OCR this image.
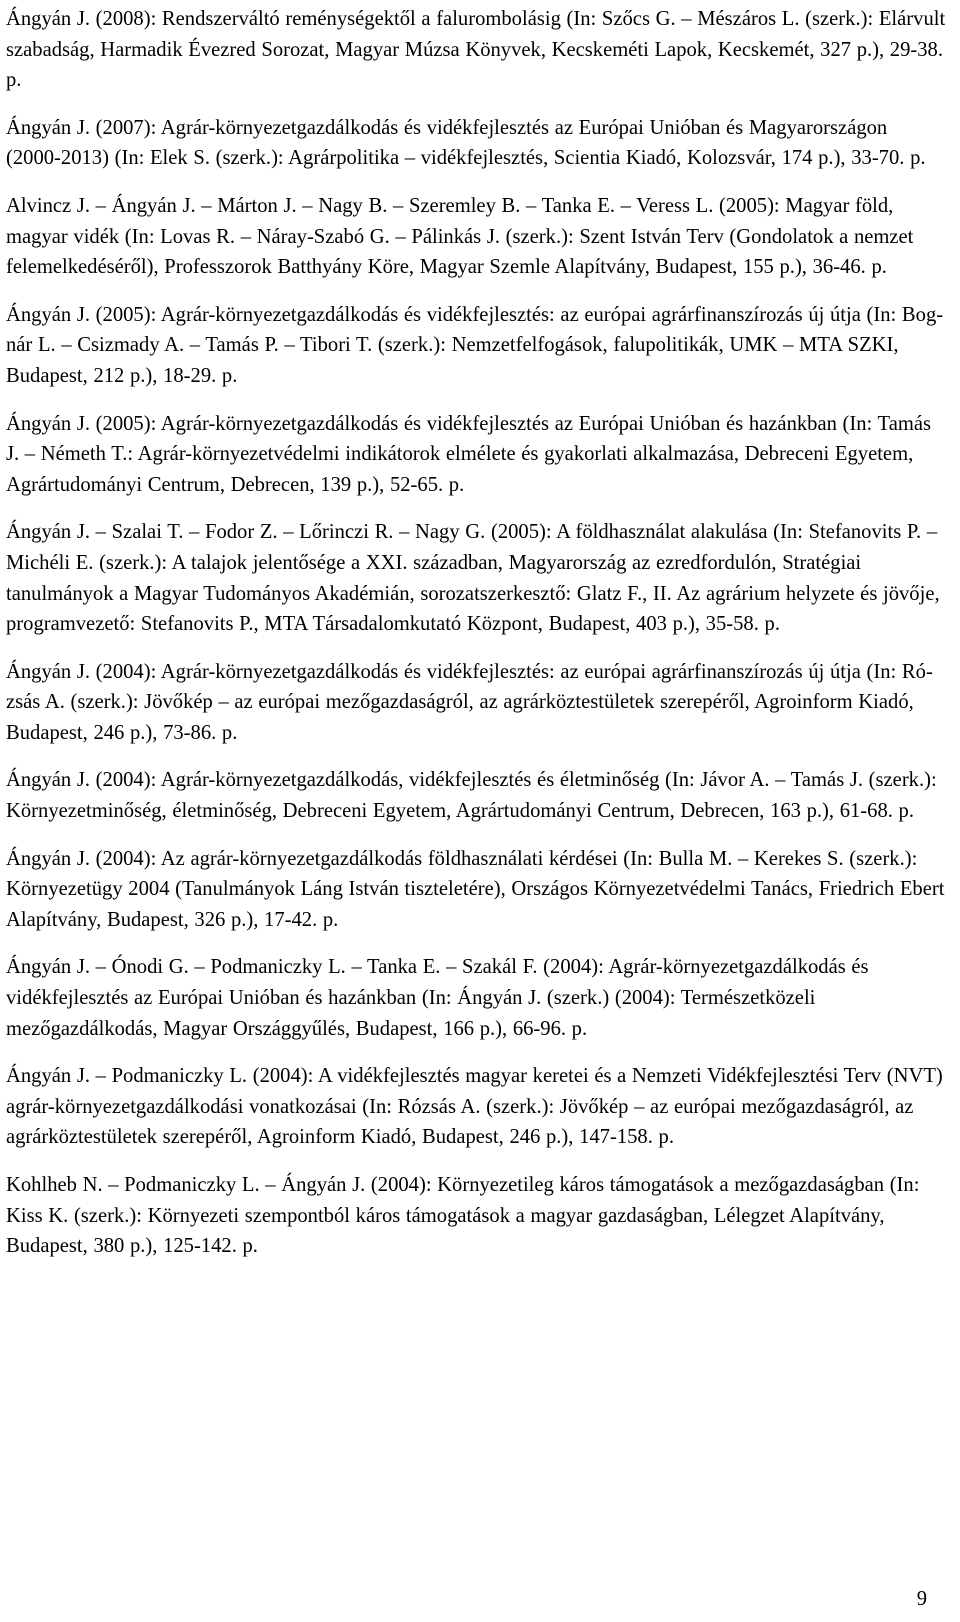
Ángyán J. (2008): Rendszerváltó reménységektől a falurombolásig (In: Szőcs G. – Mészáros L. (szerk.): Elárvult szabadság, Harmadik Évezred Sorozat, Magyar Múzsa Könyvek, Kecskeméti Lapok, Kecskemét, 327 p.), 29-38. p.
Ángyán J. (2007): Agrár-környezetgazdálkodás és vidékfejlesztés az Európai Unióban és Magyarországon (2000-2013) (In: Elek S. (szerk.): Agrárpolitika – vidékfejlesztés, Scientia Kiadó, Kolozsvár, 174 p.), 33-70. p.
Alvincz J. – Ángyán J. – Márton J. – Nagy B. – Szeremley B. – Tanka E. – Veress L. (2005): Magyar föld, magyar vidék (In: Lovas R. – Náray-Szabó G. – Pálinkás J. (szerk.): Szent István Terv (Gondolatok a nemzet felemelkedéséről), Professzorok Batthyány Köre, Magyar Szemle Alapítvány, Budapest, 155 p.), 36-46. p.
Ángyán J. (2005): Agrár-környezetgazdálkodás és vidékfejlesztés: az európai agrárfinanszírozás új útja (In: Bog-nár L. – Csizmady A. – Tamás P. – Tibori T. (szerk.): Nemzetfelfogások, falupolitikák, UMK – MTA SZKI, Budapest, 212 p.), 18-29. p.
Ángyán J. (2005): Agrár-környezetgazdálkodás és vidékfejlesztés az Európai Unióban és hazánkban (In: Tamás J. – Németh T.: Agrár-környezetvédelmi indikátorok elmélete és gyakorlati alkalmazása, Debreceni Egyetem, Agrártudományi Centrum, Debrecen, 139 p.), 52-65. p.
Ángyán J. – Szalai T. – Fodor Z. – Lőrinczi R. – Nagy G. (2005): A földhasználat alakulása (In: Stefanovits P. – Michéli E. (szerk.): A talajok jelentősége a XXI. században, Magyarország az ezredfordulón, Stratégiai tanulmányok a Magyar Tudományos Akadémián, sorozatszerkesztő: Glatz F., II. Az agrárium helyzete és jövője, programvezető: Stefanovits P., MTA Társadalomkutató Központ, Budapest, 403 p.), 35-58. p.
Ángyán J. (2004): Agrár-környezetgazdálkodás és vidékfejlesztés: az európai agrárfinanszírozás új útja (In: Ró-zsás A. (szerk.): Jövőkép – az európai mezőgazdaságról, az agrárköztestületek szerepéről, Agroinform Kiadó, Budapest, 246 p.), 73-86. p.
Ángyán J. (2004): Agrár-környezetgazdálkodás, vidékfejlesztés és életminőség (In: Jávor A. – Tamás J. (szerk.): Környezetminőség, életminőség, Debreceni Egyetem, Agrártudományi Centrum, Debrecen, 163 p.), 61-68. p.
Ángyán J. (2004): Az agrár-környezetgazdálkodás földhasználati kérdései (In: Bulla M. – Kerekes S. (szerk.): Környezetügy 2004 (Tanulmányok Láng István tiszteletére), Országos Környezetvédelmi Tanács, Friedrich Ebert Alapítvány, Budapest, 326 p.), 17-42. p.
Ángyán J. – Ónodi G. – Podmaniczky L. – Tanka E. – Szakál F. (2004): Agrár-környezetgazdálkodás és vidékfejlesztés az Európai Unióban és hazánkban (In: Ángyán J. (szerk.) (2004): Természetközeli mezőgazdálkodás, Magyar Országgyűlés, Budapest, 166 p.), 66-96. p.
Ángyán J. – Podmaniczky L. (2004): A vidékfejlesztés magyar keretei és a Nemzeti Vidékfejlesztési Terv (NVT) agrár-környezetgazdálkodási vonatkozásai (In: Rózsás A. (szerk.): Jövőkép – az európai mezőgazdaságról, az agrárköztestületek szerepéről, Agroinform Kiadó, Budapest, 246 p.), 147-158. p.
Kohlheb N. – Podmaniczky L. – Ángyán J. (2004): Környezetileg káros támogatások a mezőgazdaságban (In: Kiss K. (szerk.): Környezeti szempontból káros támogatások a magyar gazdaságban, Lélegzet Alapítvány, Budapest, 380 p.), 125-142. p.
9
